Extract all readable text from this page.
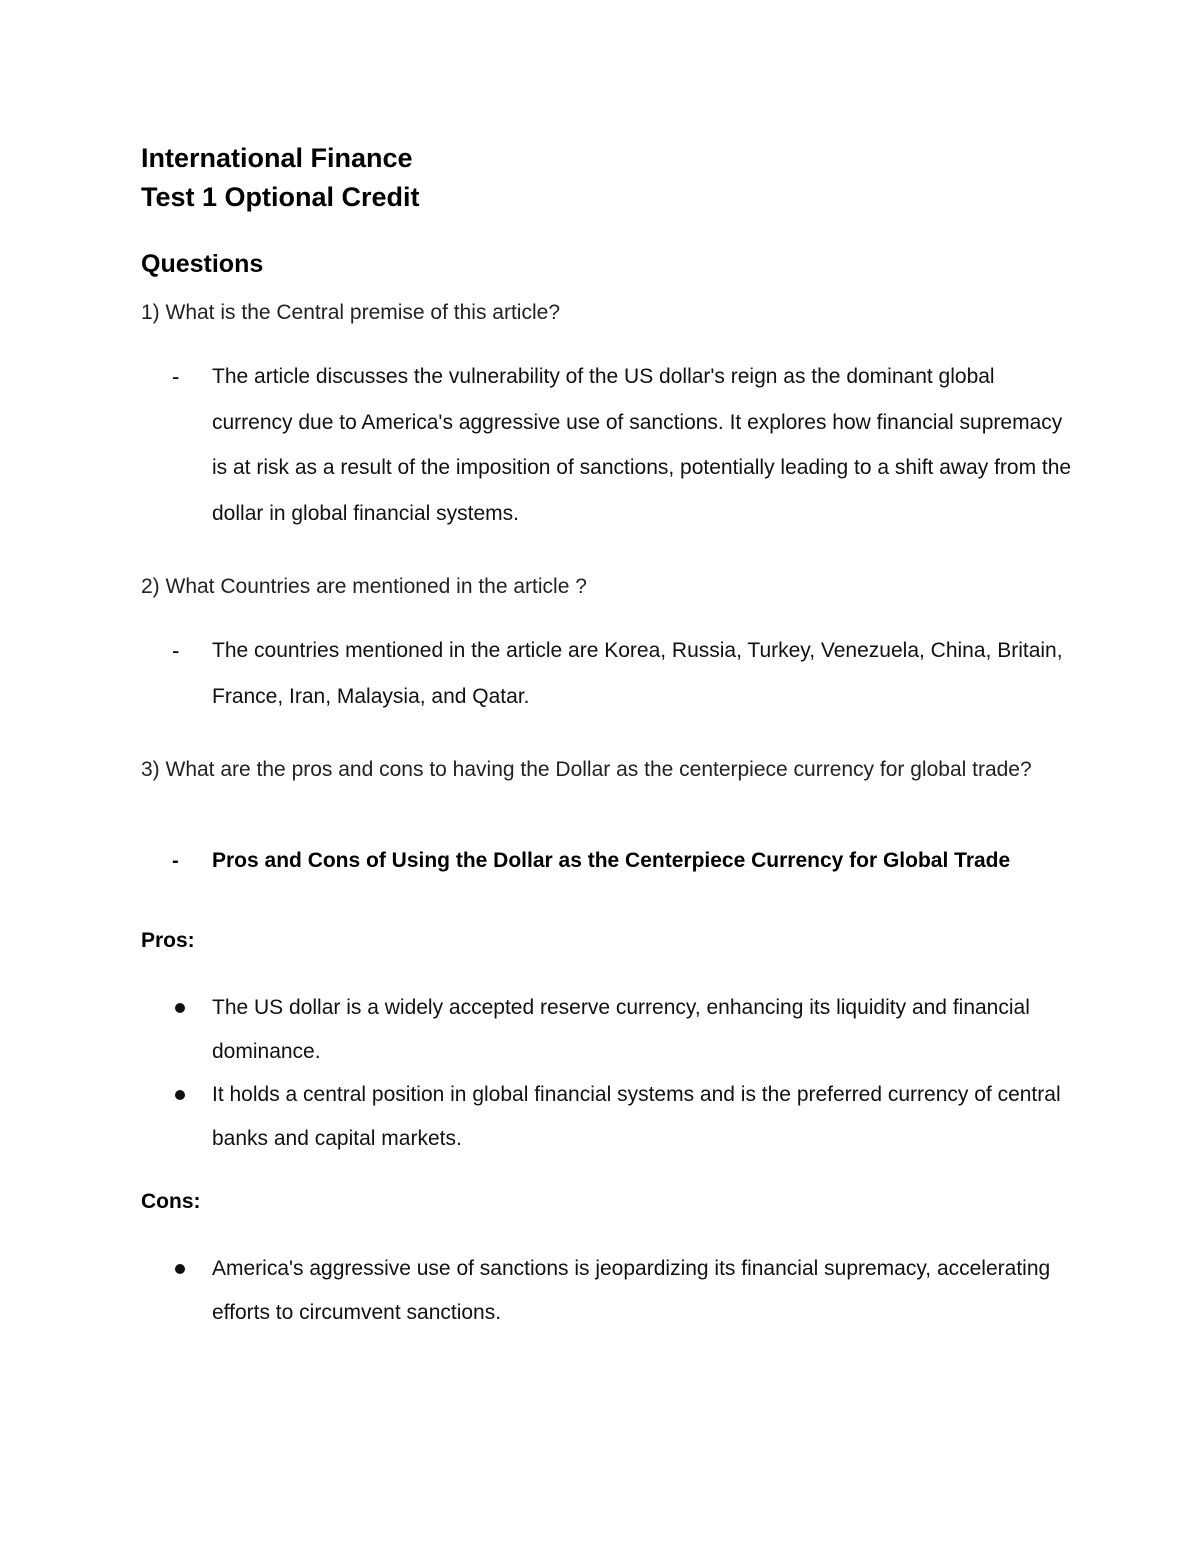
International Finance
Test 1 Optional Credit
Questions
1) What is the Central premise of this article?
- The article discusses the vulnerability of the US dollar's reign as the dominant global currency due to America's aggressive use of sanctions. It explores how financial supremacy is at risk as a result of the imposition of sanctions, potentially leading to a shift away from the dollar in global financial systems.
2) What Countries are mentioned in the article ?
- The countries mentioned in the article are Korea, Russia, Turkey, Venezuela, China, Britain, France, Iran, Malaysia, and Qatar.
3) What are the pros and cons to having the Dollar as the centerpiece currency for global trade?
- Pros and Cons of Using the Dollar as the Centerpiece Currency for Global Trade
Pros:
The US dollar is a widely accepted reserve currency, enhancing its liquidity and financial dominance.
It holds a central position in global financial systems and is the preferred currency of central banks and capital markets.
Cons:
America's aggressive use of sanctions is jeopardizing its financial supremacy, accelerating efforts to circumvent sanctions.
